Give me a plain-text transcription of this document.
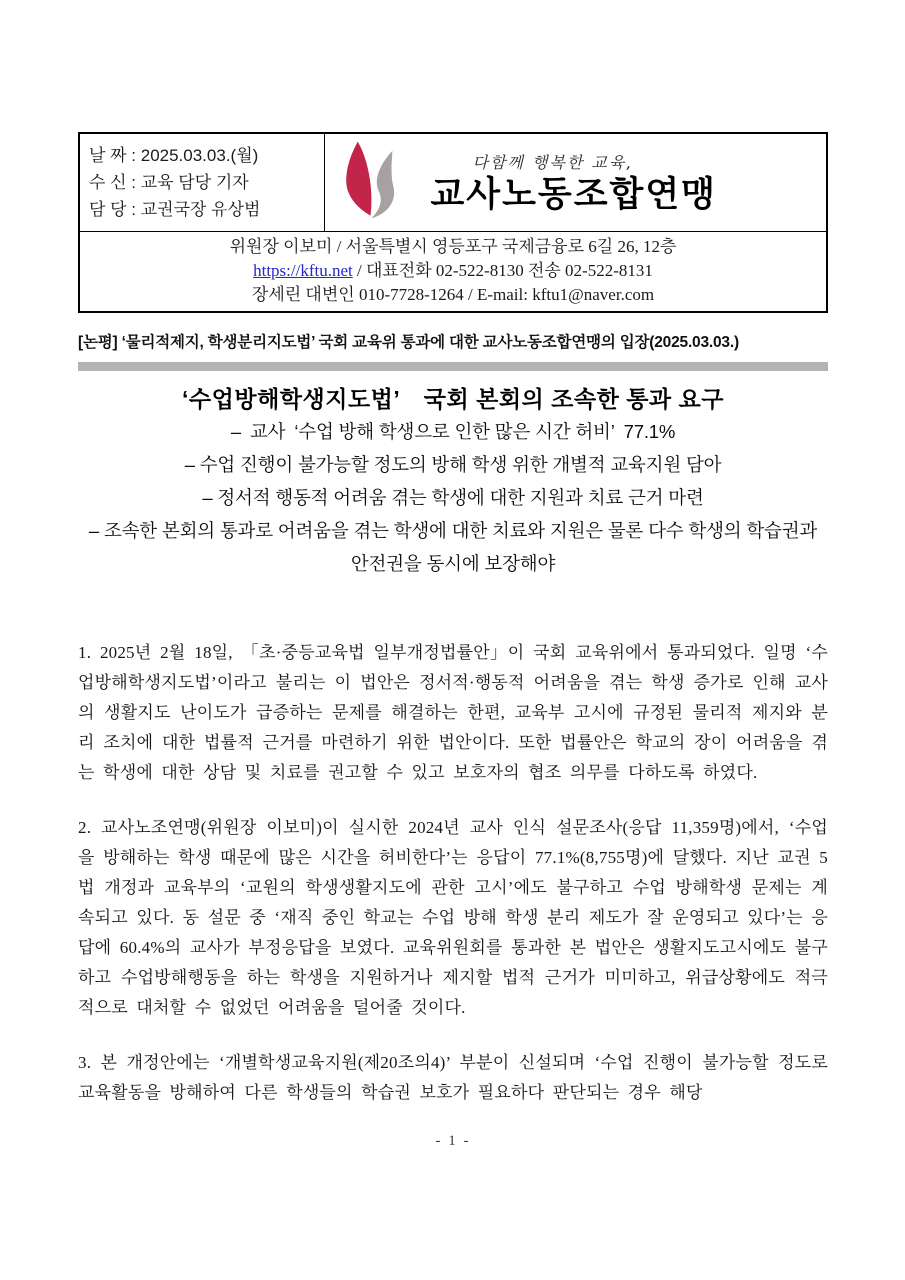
날 짜 : 2025.03.03.(월)
수 신 : 교육 담당 기자
담 당 : 교권국장 유상범

다함께 행복한 교육,
교사노동조합연맹

위원장 이보미 / 서울특별시 영등포구 국제금융로 6길 26, 12층
https://kftu.net / 대표전화 02-522-8130 전송 02-522-8131
장세린 대변인 010-7728-1264 / E-mail: kftu1@naver.com
[논평] ‘물리적제지, 학생분리지도법’ 국회 교육위 통과에 대한 교사노동조합연맹의 입장(2025.03.03.)
‘수업방해학생지도법’ 국회 본회의 조속한 통과 요구
– 교사 ‘수업 방해 학생으로 인한 많은 시간 허비’ 77.1%
– 수업 진행이 불가능할 정도의 방해 학생 위한 개별적 교육지원 담아
– 정서적 행동적 어려움 겪는 학생에 대한 지원과 치료 근거 마련
– 조속한 본회의 통과로 어려움을 겪는 학생에 대한 치료와 지원은 물론 다수 학생의 학습권과 안전권을 동시에 보장해야

1. 2025년 2월 18일, 「초·중등교육법 일부개정법률안」이 국회 교육위에서 통과되었다. 일명 ‘수업방해학생지도법’이라고 불리는 이 법안은 정서적·행동적 어려움을 겪는 학생 증가로 인해 교사의 생활지도 난이도가 급증하는 문제를 해결하는 한편, 교육부 고시에 규정된 물리적 제지와 분리 조치에 대한 법률적 근거를 마련하기 위한 법안이다. 또한 법률안은 학교의 장이 어려움을 겪는 학생에 대한 상담 및 치료를 권고할 수 있고 보호자의 협조 의무를 다하도록 하였다.

2. 교사노조연맹(위원장 이보미)이 실시한 2024년 교사 인식 설문조사(응답 11,359명)에서, ‘수업을 방해하는 학생 때문에 많은 시간을 허비한다’는 응답이 77.1%(8,755명)에 달했다. 지난 교권 5법 개정과 교육부의 ‘교원의 학생생활지도에 관한 고시’에도 불구하고 수업 방해학생 문제는 계속되고 있다. 동 설문 중 ‘재직 중인 학교는 수업 방해 학생 분리 제도가 잘 운영되고 있다’는 응답에 60.4%의 교사가 부정응답을 보였다. 교육위원회를 통과한 본 법안은 생활지도고시에도 불구하고 수업방해행동을 하는 학생을 지원하거나 제지할 법적 근거가 미미하고, 위급상황에도 적극적으로 대처할 수 없었던 어려움을 덜어줄 것이다.

3. 본 개정안에는 ‘개별학생교육지원(제20조의4)’ 부분이 신설되며 ‘수업 진행이 불가능할 정도로 교육활동을 방해하여 다른 학생들의 학습권 보호가 필요하다 판단되는 경우 해당

- 1 -
